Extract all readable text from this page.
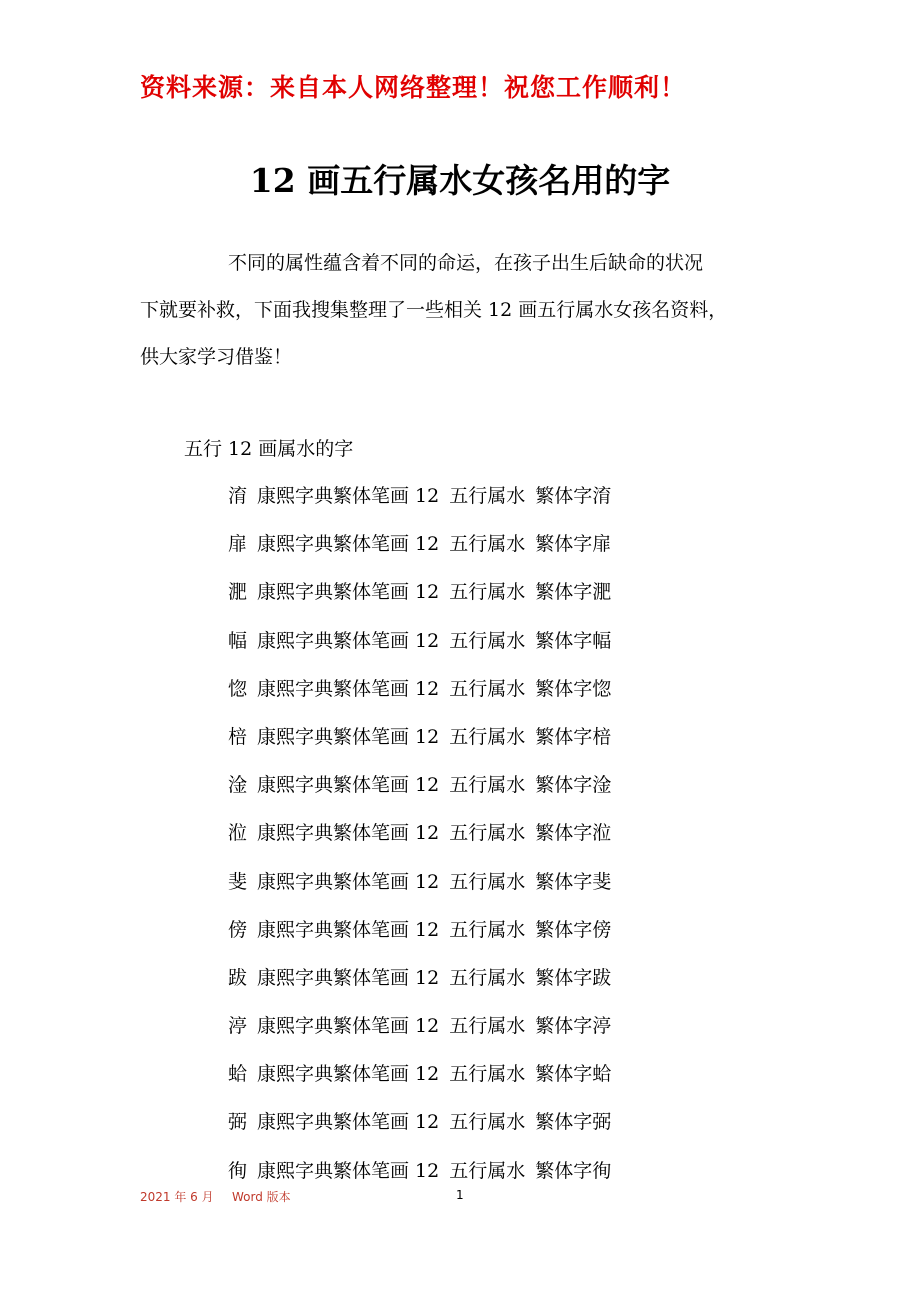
资料来源：来自本人网络整理！祝您工作顺利！
12 画五行属水女孩名用的字

不同的属性蕴含着不同的命运，在孩子出生后缺命的状况
下就要补救，下面我搜集整理了一些相关 12 画五行属水女孩名资料，
供大家学习借鉴！

五行 12 画属水的字
淯 康熙字典繁体笔画 12 五行属水 繁体字淯
扉 康熙字典繁体笔画 12 五行属水 繁体字扉
淝 康熙字典繁体笔画 12 五行属水 繁体字淝
幅 康熙字典繁体笔画 12 五行属水 繁体字幅
惚 康熙字典繁体笔画 12 五行属水 繁体字惚
棓 康熙字典繁体笔画 12 五行属水 繁体字棓
淦 康熙字典繁体笔画 12 五行属水 繁体字淦
涖 康熙字典繁体笔画 12 五行属水 繁体字涖
斐 康熙字典繁体笔画 12 五行属水 繁体字斐
傍 康熙字典繁体笔画 12 五行属水 繁体字傍
跋 康熙字典繁体笔画 12 五行属水 繁体字跋
渟 康熙字典繁体笔画 12 五行属水 繁体字渟
蛤 康熙字典繁体笔画 12 五行属水 繁体字蛤
弼 康熙字典繁体笔画 12 五行属水 繁体字弼
徇 康熙字典繁体笔画 12 五行属水 繁体字徇
2021 年 6 月 Word 版本	1
